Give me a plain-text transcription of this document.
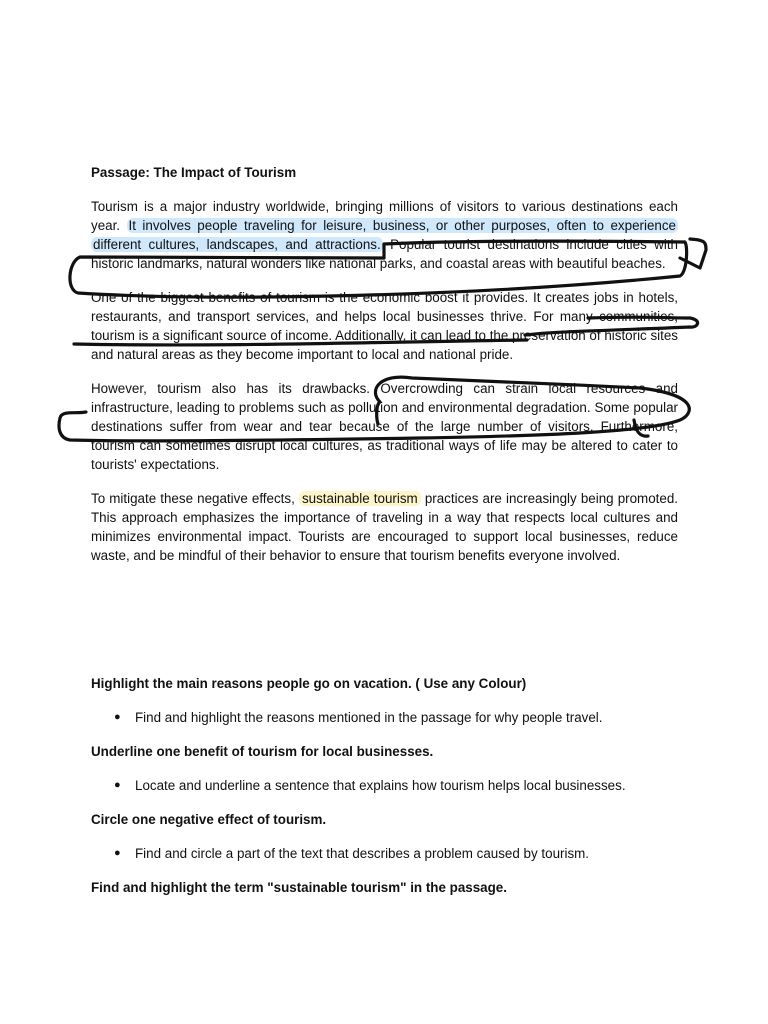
Passage: The Impact of Tourism

Tourism is a major industry worldwide, bringing millions of visitors to various destinations each year. It involves people traveling for leisure, business, or other purposes, often to experience different cultures, landscapes, and attractions. Popular tourist destinations include cities with historic landmarks, natural wonders like national parks, and coastal areas with beautiful beaches.

One of the biggest benefits of tourism is the economic boost it provides. It creates jobs in hotels, restaurants, and transport services, and helps local businesses thrive. For many communities, tourism is a significant source of income. Additionally, it can lead to the preservation of historic sites and natural areas as they become important to local and national pride.

However, tourism also has its drawbacks. Overcrowding can strain local resources and infrastructure, leading to problems such as pollution and environmental degradation. Some popular destinations suffer from wear and tear because of the large number of visitors. Furthermore, tourism can sometimes disrupt local cultures, as traditional ways of life may be altered to cater to tourists' expectations.

To mitigate these negative effects, sustainable tourism practices are increasingly being promoted. This approach emphasizes the importance of traveling in a way that respects local cultures and minimizes environmental impact. Tourists are encouraged to support local businesses, reduce waste, and be mindful of their behavior to ensure that tourism benefits everyone involved.

Highlight the main reasons people go on vacation. ( Use any Colour)

● Find and highlight the reasons mentioned in the passage for why people travel.

Underline one benefit of tourism for local businesses.

● Locate and underline a sentence that explains how tourism helps local businesses.

Circle one negative effect of tourism.

● Find and circle a part of the text that describes a problem caused by tourism.

Find and highlight the term "sustainable tourism" in the passage.
